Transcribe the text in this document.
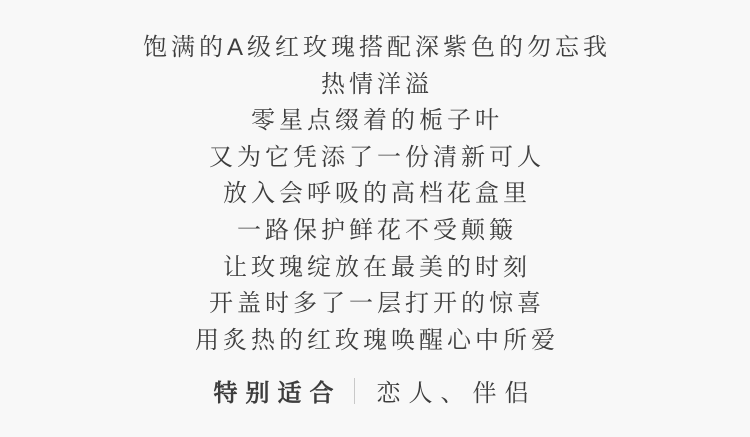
饱满的A级红玫瑰搭配深紫色的勿忘我

热情洋溢

零星点缀着的栀子叶

又为它凭添了一份清新可人

放入会呼吸的高档花盒里

一路保护鲜花不受颠簸

让玫瑰绽放在最美的时刻

开盖时多了一层打开的惊喜

用炙热的红玫瑰唤醒心中所爱

特别适合 恋人、伴侣
